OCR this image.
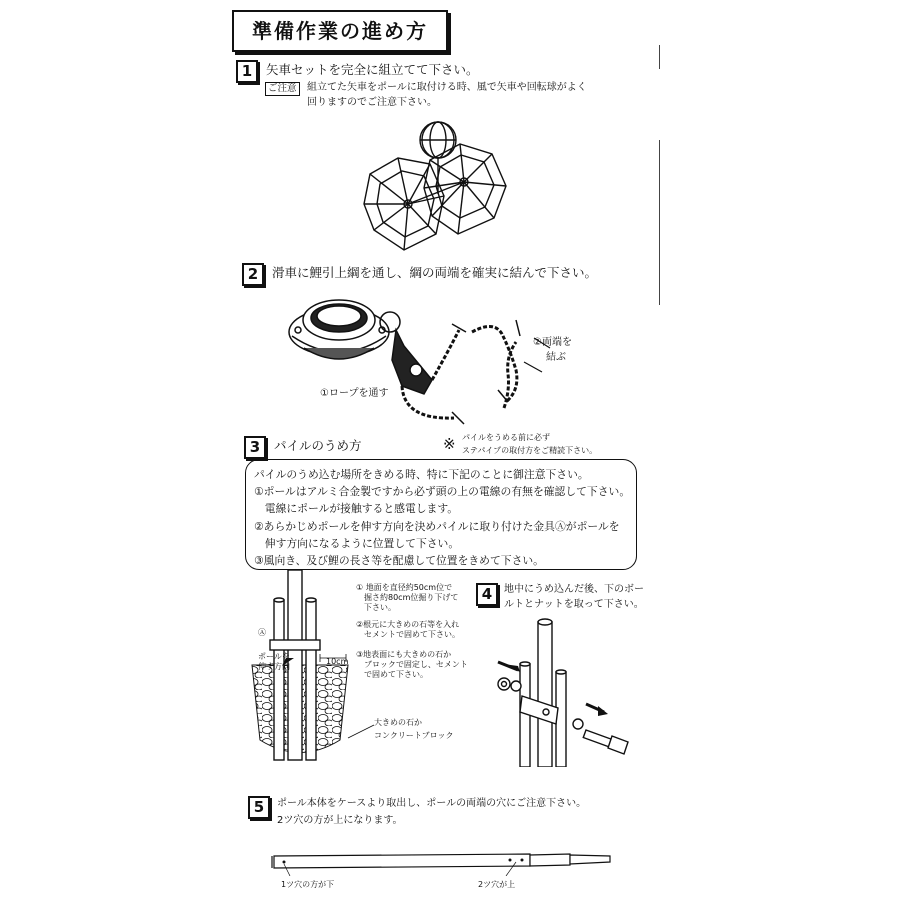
準備作業の進め方
1	矢車セットを完全に組立てて下さい。
ご注意	組立てた矢車をポールに取付ける時、風で矢車や回転球がよく
回りますのでご注意下さい。
2	滑車に鯉引上綱を通し、綱の両端を確実に結んで下さい。
①ロープを通す
②両端を
結ぶ
3	パイルのうめ方	※ パイルをうめる前に必ず
ステパイプの取付方をご精読下さい。
パイルのうめ込む場所をきめる時、特に下記のことに御注意下さい。
①ポールはアルミ合金製ですから必ず頭の上の電線の有無を確認して下さい。
　電線にポールが接触すると感電します。
②あらかじめポールを伸す方向を決めパイルに取り付けた金具Ⓐがポールを
　伸す方向になるように位置して下さい。
③風向き、及び鯉の長さ等を配慮して位置をきめて下さい。
Ⓐ
ポールを
伸す方向
10cm
大きめの石か
コンクリートブロック
① 地面を直径約50cm位で
　掘さ約80cm位掘り下げて
　下さい。
②根元に大きめの石等を入れ
　セメントで固めて下さい。
③地表面にも大きめの石か
　ブロックで固定し、セメント
　で固めて下さい。
4	地中にうめ込んだ後、下のボー
ルトとナットを取って下さい。
5	ポール本体をケースより取出し、ポールの両端の穴にご注意下さい。
2ツ穴の方が上になります。
1ツ穴の方が下	2ツ穴が上
